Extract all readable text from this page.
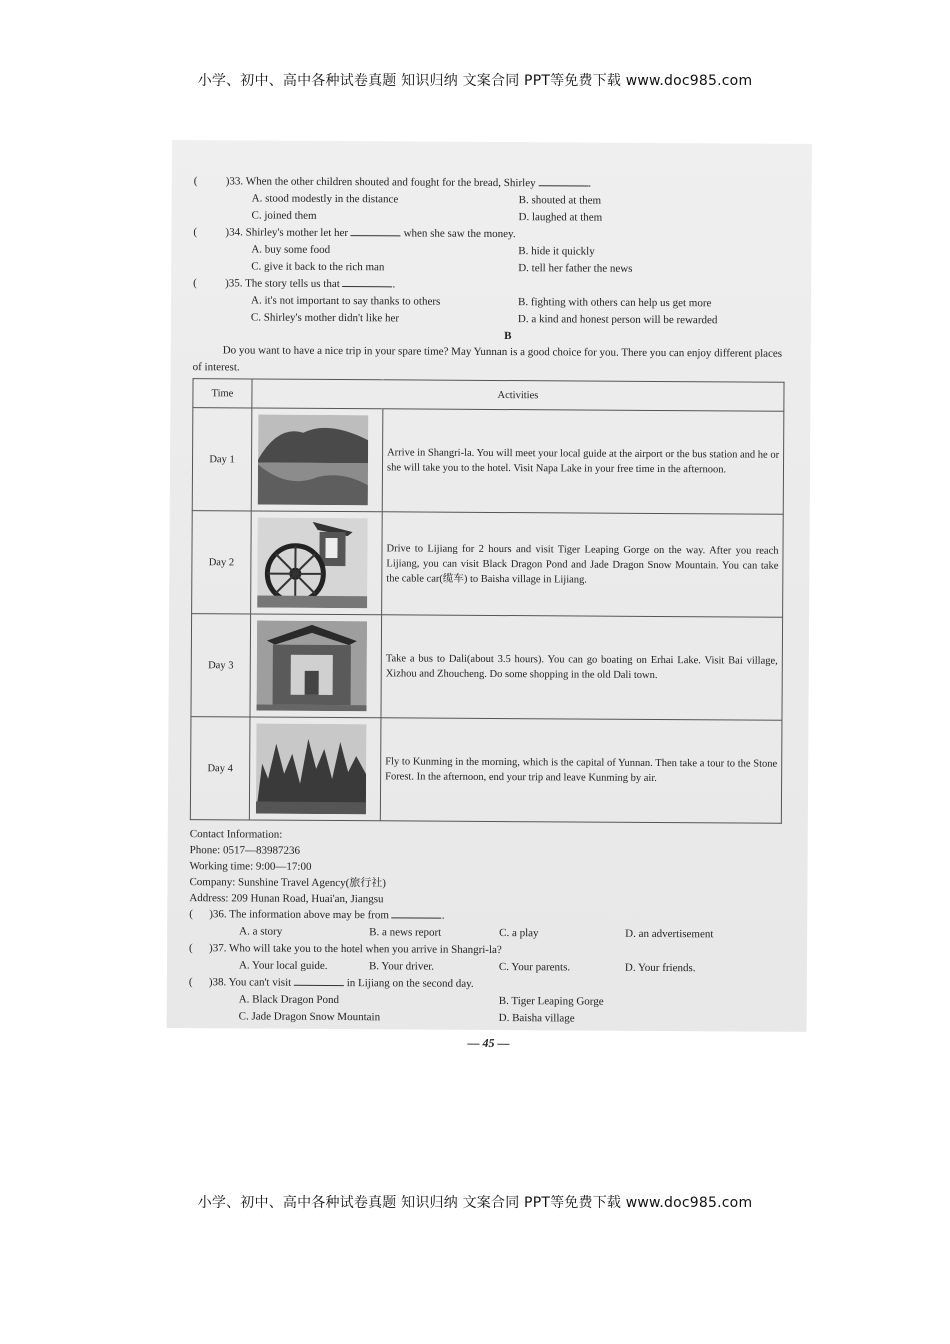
小学、初中、高中各种试卷真题 知识归纳 文案合同 PPT等免费下载 www.doc985.com
(	)33. When the other children shouted and fought for the bread, Shirley	.
A. stood modestly in the distance	B. shouted at them
C. joined them	D. laughed at them
(	)34. Shirley's mother let her	when she saw the money.
A. buy some food	B. hide it quickly
C. give it back to the rich man	D. tell her father the news
(	)35. The story tells us that	.
A. it's not important to say thanks to others	B. fighting with others can help us get more
C. Shirley's mother didn't like her	D. a kind and honest person will be rewarded
B
Do you want to have a nice trip in your spare time? May Yunnan is a good choice for you. There you can enjoy different places of interest.
Time	Activities	
Day 1		Arrive in Shangri-la. You will meet your local guide at the airport or the bus station and he or she will take you to the hotel. Visit Napa Lake in your free time in the afternoon.
Day 2		Drive to Lijiang for 2 hours and visit Tiger Leaping Gorge on the way. After you reach Lijiang, you can visit Black Dragon Pond and Jade Dragon Snow Mountain. You can take the cable car(缆车) to Baisha village in Lijiang.
Day 3		Take a bus to Dali(about 3.5 hours). You can go boating on Erhai Lake. Visit Bai village, Xizhou and Zhoucheng. Do some shopping in the old Dali town.
Day 4		Fly to Kunming in the morning, which is the capital of Yunnan. Then take a tour to the Stone Forest. In the afternoon, end your trip and leave Kunming by air.
Contact Information:
Phone: 0517—83987236
Working time: 9:00—17:00
Company: Sunshine Travel Agency(旅行社)
Address: 209 Hunan Road, Huai'an, Jiangsu
( )36. The information above may be from	.
A. a story	B. a news report	C. a play	D. an advertisement
( )37. Who will take you to the hotel when you arrive in Shangri-la?
A. Your local guide.	B. Your driver.	C. Your parents.	D. Your friends.
( )38. You can't visit	in Lijiang on the second day.
A. Black Dragon Pond	B. Tiger Leaping Gorge
C. Jade Dragon Snow Mountain	D. Baisha village
— 45 —
小学、初中、高中各种试卷真题 知识归纳 文案合同 PPT等免费下载 www.doc985.com
